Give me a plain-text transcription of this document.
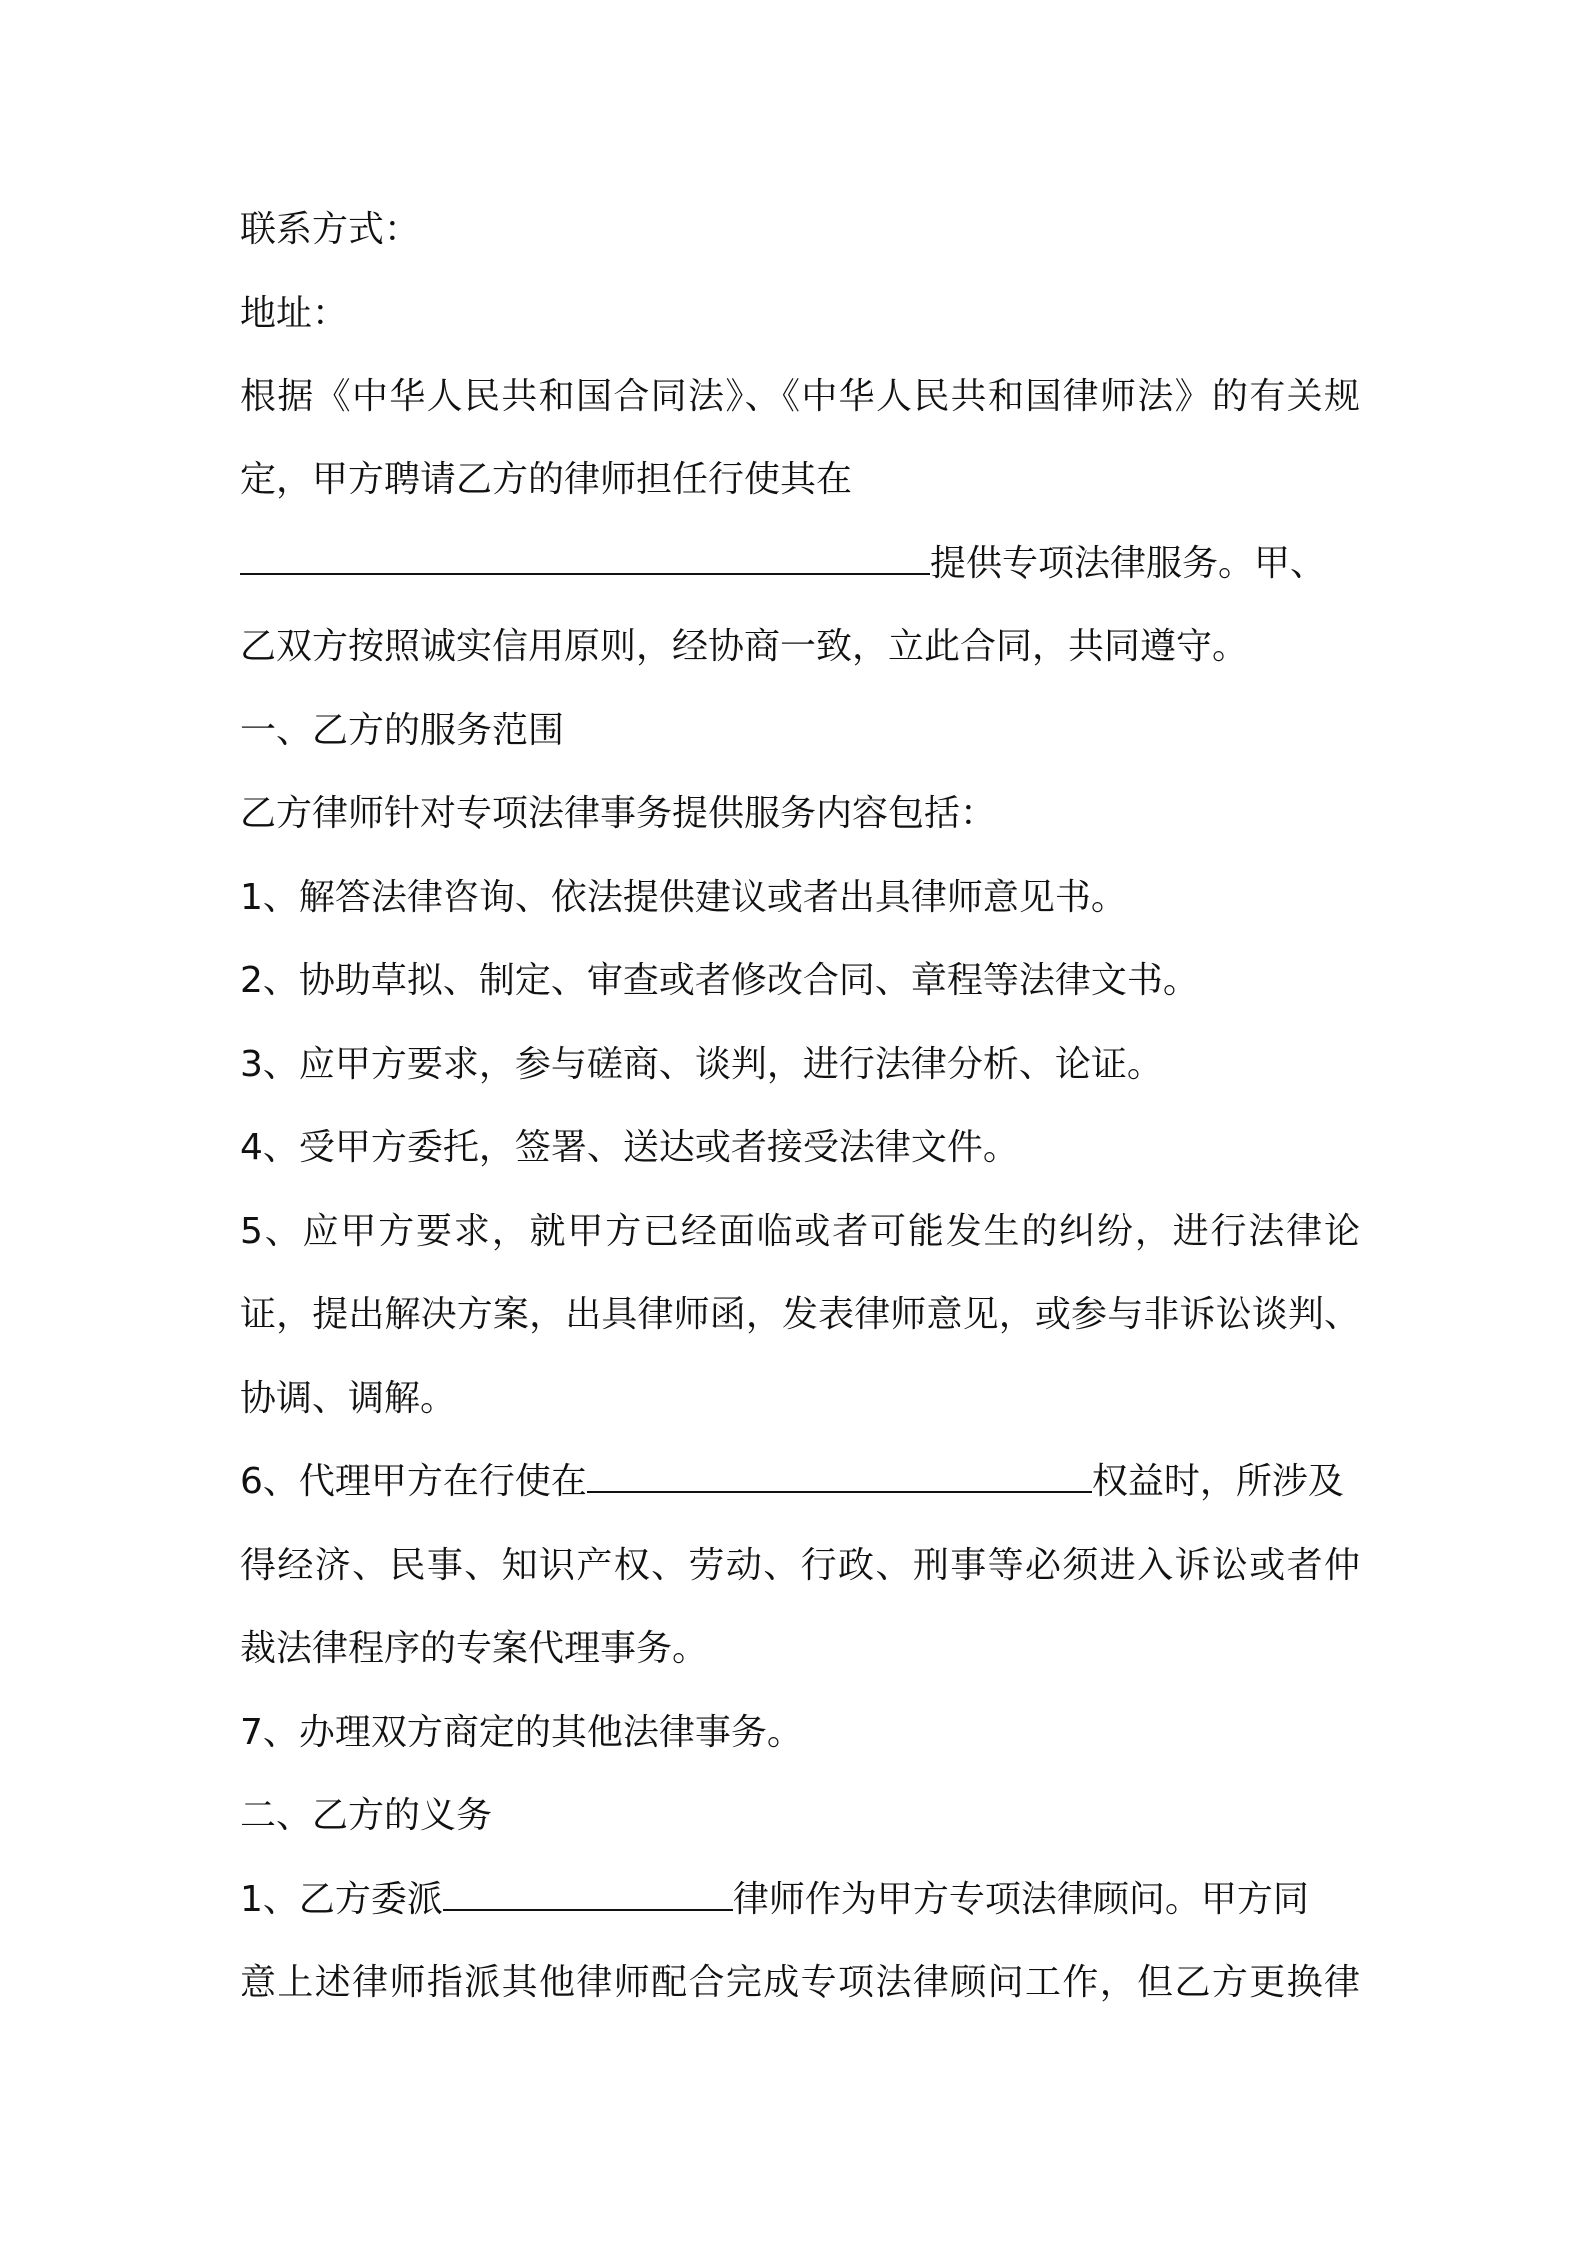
联系方式：
地址：
根据《中华人民共和国合同法》、《中华人民共和国律师法》的有关规
定，甲方聘请乙方的律师担任行使其在
提供专项法律服务。甲、
乙双方按照诚实信用原则，经协商一致，立此合同，共同遵守。
一、乙方的服务范围
乙方律师针对专项法律事务提供服务内容包括：
1、解答法律咨询、依法提供建议或者出具律师意见书。
2、协助草拟、制定、审查或者修改合同、章程等法律文书。
3、应甲方要求，参与磋商、谈判，进行法律分析、论证。
4、受甲方委托，签署、送达或者接受法律文件。
5、应甲方要求，就甲方已经面临或者可能发生的纠纷，进行法律论
证，提出解决方案，出具律师函，发表律师意见，或参与非诉讼谈判、
协调、调解。
6、代理甲方在行使在	权益时，所涉及
得经济、民事、知识产权、劳动、行政、刑事等必须进入诉讼或者仲
裁法律程序的专案代理事务。
7、办理双方商定的其他法律事务。
二、乙方的义务
1、乙方委派	律师作为甲方专项法律顾问。甲方同
意上述律师指派其他律师配合完成专项法律顾问工作，但乙方更换律
